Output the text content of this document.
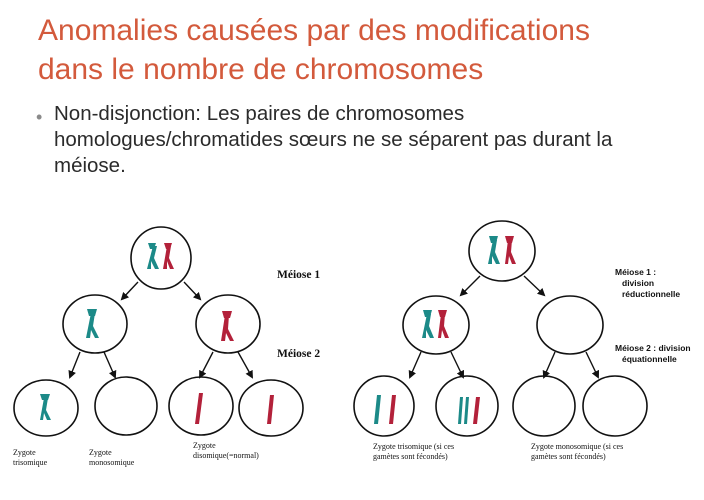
Anomalies causées par des modifications
dans le nombre de chromosomes
• Non-disjonction: Les paires de chromosomes homologues/chromatides sœurs ne se séparent pas durant la méiose.
Méiose 1
Méiose 2
Zygote
trisomique
Zygote
monosomique
Zygote
disomique(=normal)
Méiose 1 :
division
réductionnelle
Méiose 2 : division
équationnelle
Zygote trisomique (si ces
gamètes sont fécondés)
Zygote monosomique (si ces
gamètes sont fécondés)
